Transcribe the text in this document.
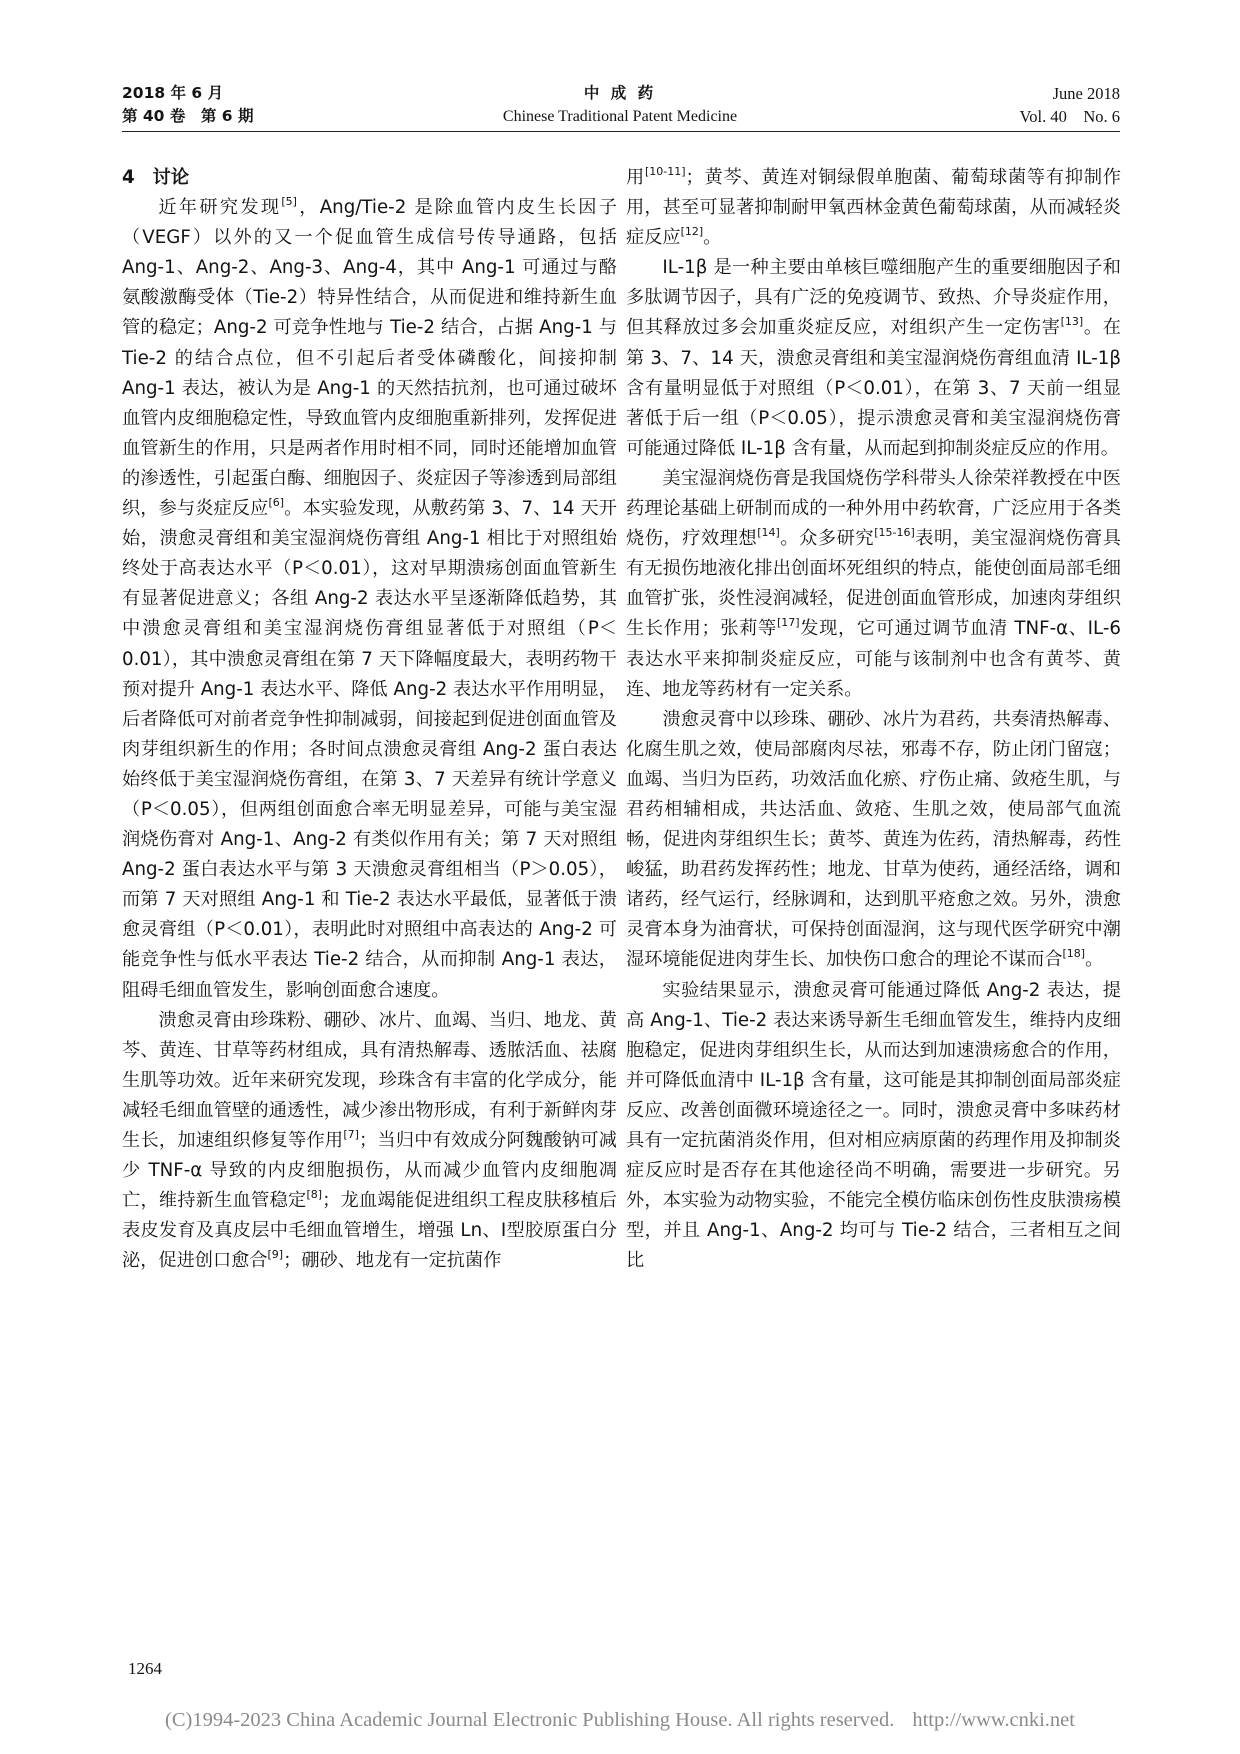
2018 年 6 月
第 40 卷　第 6 期
中 成 药
Chinese Traditional Patent Medicine
June 2018
Vol. 40　No. 6
4 讨论

近年研究发现[5]，Ang/Tie-2 是除血管内皮生长因子（VEGF）以外的又一个促血管生成信号传导通路，包括 Ang-1、Ang-2、Ang-3、Ang-4，其中 Ang-1 可通过与酪氨酸激酶受体（Tie-2）特异性结合，从而促进和维持新生血管的稳定；Ang-2 可竞争性地与 Tie-2 结合，占据 Ang-1 与 Tie-2 的结合点位，但不引起后者受体磷酸化，间接抑制 Ang-1 表达，被认为是 Ang-1 的天然拮抗剂，也可通过破坏血管内皮细胞稳定性，导致血管内皮细胞重新排列，发挥促进血管新生的作用，只是两者作用时相不同，同时还能增加血管的渗透性，引起蛋白酶、细胞因子、炎症因子等渗透到局部组织，参与炎症反应[6]。本实验发现，从敷药第 3、7、14 天开始，溃愈灵膏组和美宝湿润烧伤膏组 Ang-1 相比于对照组始终处于高表达水平（P＜0.01），这对早期溃疡创面血管新生有显著促进意义；各组 Ang-2 表达水平呈逐渐降低趋势，其中溃愈灵膏组和美宝湿润烧伤膏组显著低于对照组（P＜0.01），其中溃愈灵膏组在第 7 天下降幅度最大，表明药物干预对提升 Ang-1 表达水平、降低 Ang-2 表达水平作用明显，后者降低可对前者竞争性抑制减弱，间接起到促进创面血管及肉芽组织新生的作用；各时间点溃愈灵膏组 Ang-2 蛋白表达始终低于美宝湿润烧伤膏组，在第 3、7 天差异有统计学意义（P＜0.05），但两组创面愈合率无明显差异，可能与美宝湿润烧伤膏对 Ang-1、Ang-2 有类似作用有关；第 7 天对照组 Ang-2 蛋白表达水平与第 3 天溃愈灵膏组相当（P＞0.05），而第 7 天对照组 Ang-1 和 Tie-2 表达水平最低，显著低于溃愈灵膏组（P＜0.01），表明此时对照组中高表达的 Ang-2 可能竞争性与低水平表达 Tie-2 结合，从而抑制 Ang-1 表达，阻碍毛细血管发生，影响创面愈合速度。

溃愈灵膏由珍珠粉、硼砂、冰片、血竭、当归、地龙、黄芩、黄连、甘草等药材组成，具有清热解毒、透脓活血、祛腐生肌等功效。近年来研究发现，珍珠含有丰富的化学成分，能减轻毛细血管壁的通透性，减少渗出物形成，有利于新鲜肉芽生长，加速组织修复等作用[7]；当归中有效成分阿魏酸钠可减少 TNF-α 导致的内皮细胞损伤，从而减少血管内皮细胞凋亡，维持新生血管稳定[8]；龙血竭能促进组织工程皮肤移植后表皮发育及真皮层中毛细血管增生，增强 Ln、Ⅰ型胶原蛋白分泌，促进创口愈合[9]；硼砂、地龙有一定抗菌作

用[10-11]；黄芩、黄连对铜绿假单胞菌、葡萄球菌等有抑制作用，甚至可显著抑制耐甲氧西林金黄色葡萄球菌，从而减轻炎症反应[12]。

IL-1β 是一种主要由单核巨噬细胞产生的重要细胞因子和多肽调节因子，具有广泛的免疫调节、致热、介导炎症作用，但其释放过多会加重炎症反应，对组织产生一定伤害[13]。在第 3、7、14 天，溃愈灵膏组和美宝湿润烧伤膏组血清 IL-1β 含有量明显低于对照组（P＜0.01），在第 3、7 天前一组显著低于后一组（P＜0.05），提示溃愈灵膏和美宝湿润烧伤膏可能通过降低 IL-1β 含有量，从而起到抑制炎症反应的作用。

美宝湿润烧伤膏是我国烧伤学科带头人徐荣祥教授在中医药理论基础上研制而成的一种外用中药软膏，广泛应用于各类烧伤，疗效理想[14]。众多研究[15-16]表明，美宝湿润烧伤膏具有无损伤地液化排出创面坏死组织的特点，能使创面局部毛细血管扩张，炎性浸润减轻，促进创面血管形成，加速肉芽组织生长作用；张莉等[17]发现，它可通过调节血清 TNF-α、IL-6 表达水平来抑制炎症反应，可能与该制剂中也含有黄芩、黄连、地龙等药材有一定关系。

溃愈灵膏中以珍珠、硼砂、冰片为君药，共奏清热解毒、化腐生肌之效，使局部腐肉尽祛，邪毒不存，防止闭门留寇；血竭、当归为臣药，功效活血化瘀、疗伤止痛、敛疮生肌，与君药相辅相成，共达活血、敛疮、生肌之效，使局部气血流畅，促进肉芽组织生长；黄芩、黄连为佐药，清热解毒，药性峻猛，助君药发挥药性；地龙、甘草为使药，通经活络，调和诸药，经气运行，经脉调和，达到肌平疮愈之效。另外，溃愈灵膏本身为油膏状，可保持创面湿润，这与现代医学研究中潮湿环境能促进肉芽生长、加快伤口愈合的理论不谋而合[18]。

实验结果显示，溃愈灵膏可能通过降低 Ang-2 表达，提高 Ang-1、Tie-2 表达来诱导新生毛细血管发生，维持内皮细胞稳定，促进肉芽组织生长，从而达到加速溃疡愈合的作用，并可降低血清中 IL-1β 含有量，这可能是其抑制创面局部炎症反应、改善创面微环境途径之一。同时，溃愈灵膏中多味药材具有一定抗菌消炎作用，但对相应病原菌的药理作用及抑制炎症反应时是否存在其他途径尚不明确，需要进一步研究。另外，本实验为动物实验，不能完全模仿临床创伤性皮肤溃疡模型，并且 Ang-1、Ang-2 均可与 Tie-2 结合，三者相互之间比

1264
(C)1994-2023 China Academic Journal Electronic Publishing House. All rights reserved. http://www.cnki.net
